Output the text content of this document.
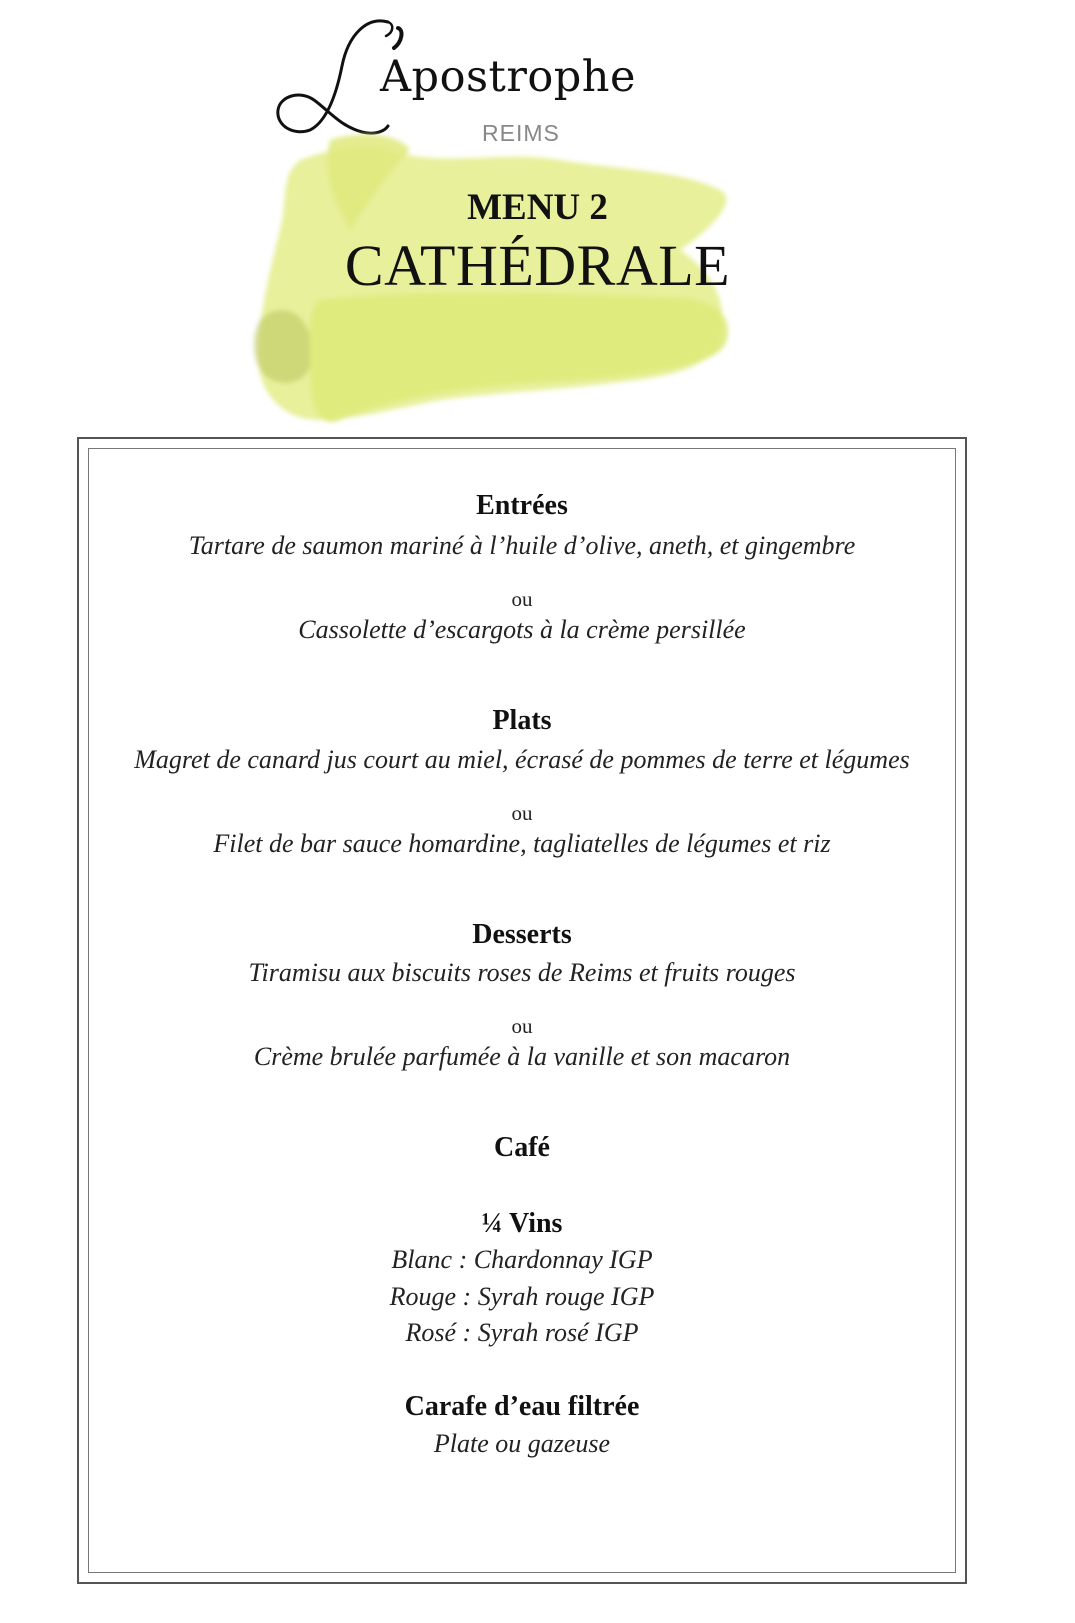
Apostrophe
REIMS
MENU 2
CATHÉDRALE
Entrées
Tartare de saumon mariné à l’huile d’olive, aneth, et gingembre
ou
Cassolette d’escargots à la crème persillée
Plats
Magret de canard jus court au miel, écrasé de pommes de terre et légumes
ou
Filet de bar sauce homardine, tagliatelles de légumes et riz
Desserts
Tiramisu aux biscuits roses de Reims et fruits rouges
ou
Crème brulée parfumée à la vanille et son macaron
Café
¼ Vins
Blanc : Chardonnay IGP
Rouge : Syrah rouge IGP
Rosé : Syrah rosé IGP
Carafe d’eau filtrée
Plate ou gazeuse
